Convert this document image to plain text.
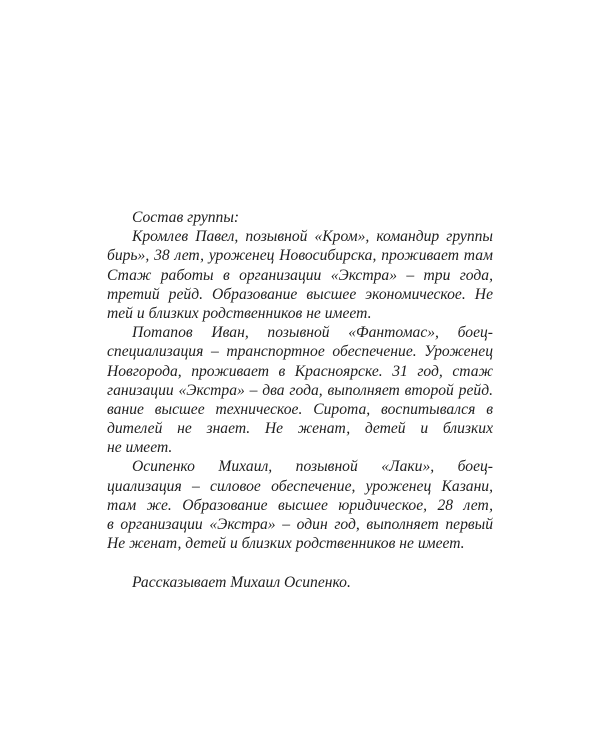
Состав группы:
Кромлев Павел, позывной «Кром», командир группы
бирь», 38 лет, уроженец Новосибирска, проживает там
Стаж работы в организации «Экстра» – три года,
третий рейд. Образование высшее экономическое. Не
тей и близких родственников не имеет.
Потапов Иван, позывной «Фантомас», боец-
специализация – транспортное обеспечение. Уроженец
Новгорода, проживает в Красноярске. 31 год, стаж
ганизации «Экстра» – два года, выполняет второй рейд.
вание высшее техническое. Сирота, воспитывался в
дителей не знает. Не женат, детей и близких
не имеет.
Осипенко Михаил, позывной «Лаки», боец-
циализация – силовое обеспечение, уроженец Казани,
там же. Образование высшее юридическое, 28 лет,
в организации «Экстра» – один год, выполняет первый
Не женат, детей и близких родственников не имеет.
Рассказывает Михаил Осипенко.
